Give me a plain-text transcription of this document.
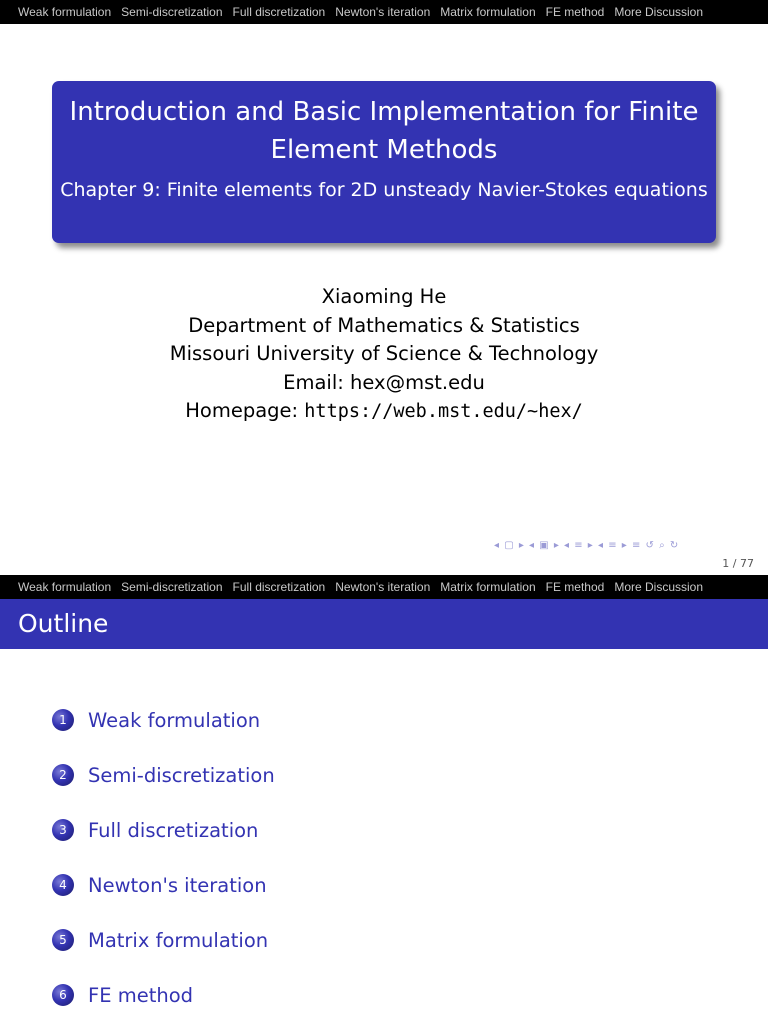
Weak formulation Semi-discretization Full discretization Newton's iteration Matrix formulation FE method More Discussion
Introduction and Basic Implementation for Finite Element Methods
Chapter 9: Finite elements for 2D unsteady Navier-Stokes equations
Xiaoming He
Department of Mathematics & Statistics
Missouri University of Science & Technology
Email: hex@mst.edu
Homepage: https://web.mst.edu/~hex/
◂ ▢ ▸ ◂ ▣ ▸ ◂ ≡ ▸ ◂ ≡ ▸ ≡ ↺ ⌕ ↻
1 / 77
Weak formulation Semi-discretization Full discretization Newton's iteration Matrix formulation FE method More Discussion
Outline
1	Weak formulation
2	Semi-discretization
3	Full discretization
4	Newton's iteration
5	Matrix formulation
6	FE method
